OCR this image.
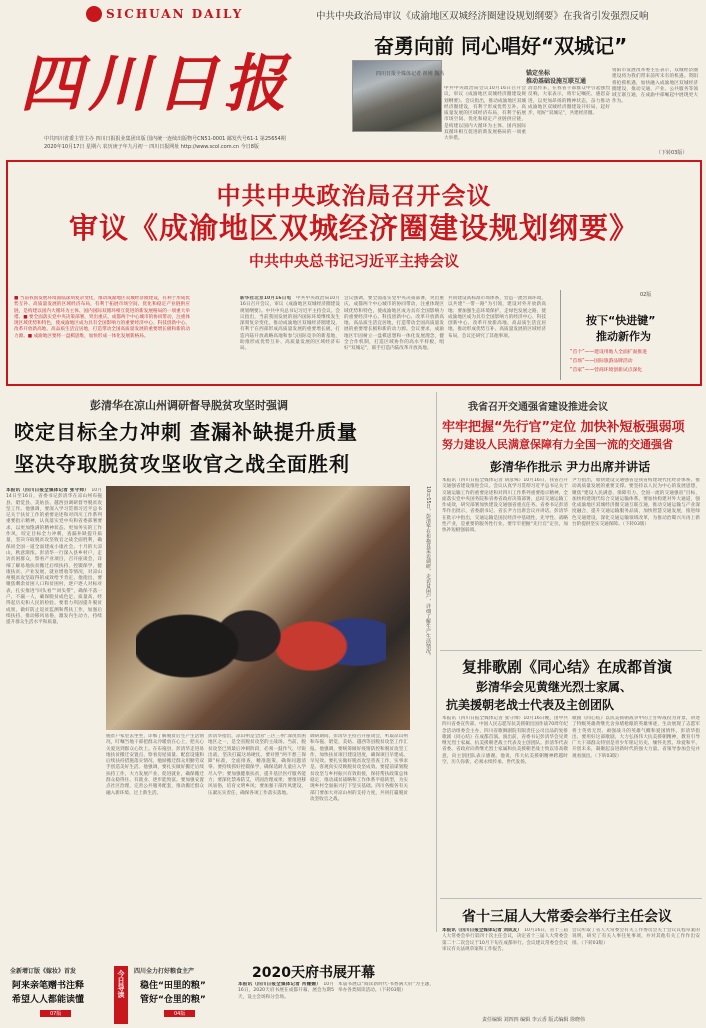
SICHUAN DAILY
四川日报
中共四川省委主管主办 四川日报报业集团出版 国内统一连续出版物号CN51-0001 邮发代号61-1 第25654期
2020年10月17日 星期六 农历庚子年九月初一 四川日报网址 http://www.scol.com.cn 今日8版
中共中央政治局审议《成渝地区双城经济圈建设规划纲要》在我省引发强烈反响
奋勇向前 同心唱好“双城记”
四川日报全媒体记者 祖刚 魏冯	锚定坐标
推动基础设施互联互通
中共中央政治局会议10月16日召开会议，审议《成渝地区双城经济圈建设规划纲要》。会议指出，推动成渝地区双城经济圈建设，有利于形成优势互补、高质量发展的区域经济布局，有利于拓展市场空间、优化和稳定产业链供应链，是构建以国内大循环为主体、国内国际双循环相互促进的新发展格局的一项重大举措。
消息传来，在我省干部群众中引起强烈反响。大家表示，将牢记嘱托、感恩奋进，以更加昂扬的精神状态，奋力推动成渝地区双城经济圈建设开好局、起好步，唱好“双城记”，共建经济圈。
资阳市发展改革委主任表示，双城经济圈建设将为我们带来前所未有的机遇。资阳将抢抓机遇，加快融入成渝地区双城经济圈建设，推动交通、产业、公共服务等领域互联互通，在成渝中部崛起中展现更大作为。
（下转03版）
中共中央政治局召开会议
审议《成渝地区双城经济圈建设规划纲要》
中共中央总书记习近平主持会议
■ 当前我国发展环境面临深刻复杂变化，推动成渝地区双城经济圈建设，有利于形成优势互补、高质量发展的区域经济布局，有利于拓展市场空间、优化和稳定产业链供应链，是构建以国内大循环为主体、国内国际双循环相互促进的新发展格局的一项重大举措。■ 要全面落实党中央决策部署，突出重庆、成都两个中心城市的协同带动，注重体现区域优势和特色，使成渝地区成为具有全国影响力的重要经济中心、科技创新中心、改革开放新高地、高品质生活宜居地，打造带动全国高质量发展的重要增长极和新的动力源。■ 成渝地区要将一盘棋思维，加快形成一体化发展新格局。
新华社北京10月16日电　中共中央政治局10月16日召开会议，审议《成渝地区双城经济圈建设规划纲要》。中共中央总书记习近平主持会议。会议指出，当前我国发展的国内国际环境继续发生深刻复杂变化，推动成渝地区双城经济圈建设，有利于在西部形成高质量发展的重要增长极，打造内陆开放战略高地和参与国际竞争的新基地，助推形成优势互补、高质量发展的区域经济布局。
会议强调，要全面落实党中央决策部署，突出重庆、成都两个中心城市的协同带动，注重体现区域优势和特色，使成渝地区成为具有全国影响力的重要经济中心、科技创新中心、改革开放新高地、高品质生活宜居地，打造带动全国高质量发展的重要增长极和新的动力源。会议要求，成渝地区牢固树立一盘棋思想和一体化发展理念，健全合作机制，打造区域协作的高水平样板，唱好“双城记”，联手打造内陆改革开放高地。
共同建设高标准市场体系，营造一流营商环境，以共建“一带一路”为引领，建设对外开放新高地；要加强生态环境保护，走绿色发展之路，使成渝地区成为具有全国影响力的经济中心、科技创新中心、改革开放新高地、高品质生活宜居地，推动形成优势互补、高质量发展的区域经济布局，会议还研究了其他事项。
02版
按下“快进键”
推动新作为
“首个”——建设用地人全面扩面推进
“首场”——国际旅游品牌活动
“首家”——营商环境创新试点深化
彭清华在凉山州调研督导脱贫攻坚时强调
咬定目标全力冲刺 查漏补缺提升质量
坚决夺取脱贫攻坚收官之战全面胜利
本报讯（四川日报全媒体记者 张守帅）　10月14日至16日，省委书记彭清华在凉山州布拖县、昭觉县、美姑县、越西县调研督导脱贫攻坚工作。他强调，要深入学习贯彻习近平总书记关于扶贫工作的重要论述和对四川工作系列重要指示精神，认真落实党中央和省委部署要求，以更加饱满的精神状态、更加务实的工作作风，咬定目标全力冲刺，查漏补缺提升质量，坚决夺取脱贫攻坚收官之战全面胜利，确保同全国一道全面建成小康社会。十月的大凉山，秋意渐浓。彭清华一行深入县乡村户，走访贫困群众，察看产业项目，召开座谈会，详细了解易地扶贫搬迁后续扶持、控辍保学、健康扶贫、产业发展、就业增收等情况，对凉山州脱贫攻坚取得的成效给予肯定。他指出，要聚焦剩余贫困人口和贫困村，逐户逐人对标对表，扎实推进“回头看”“回头帮”，确保不落一户、不漏一人，确保脱贫成色足、质量高，经得起历史和人民的检验。要着力巩固提升脱贫成果，做好防止返贫监测和帮扶工作，加强后续扶持，推动移风易俗，激发内生动力，持续提升群众生活水平和质量。	10月15日，彭清华在布拖县采访调研，走访贫困户，详细了解生产生活情况。
脱贫户家里去坐坐，详细了解脱贫后生产生活情况，叮嘱当地干部把群众冷暖放在心上，把关心关爱送到群众心坎上。在布拖县，彭清华走进易地扶贫搬迁安置点，察看房屋质量、配套设施和后续扶持措施落实情况，勉励搬迁群众用勤劳双手创造美好生活。他强调，要扎实做好搬迁后续扶持工作，大力发展产业、促进就业，确保搬迁群众稳得住、有就业、逐步能致富。要加强安置点社区治理，完善公共服务配套，推动搬迁群众融入新环境、过上新生活。
彭清华指出，凉山州是全国“三区三州”深度贫困地区之一，是全省脱贫攻坚的主战场。当前，脱贫攻坚已到最后冲刺阶段，必须一鼓作气、尽锐出战，坚决打赢这场硬仗。要对照“两不愁三保障”标准，全面排查，精准施策，确保问题清零。要持续抓好控辍保学，确保适龄儿童应入学尽入学；要加强健康扶贫，提升基层医疗服务能力；要深化禁毒防艾，巩固治理成果；要推进移风易俗，培育文明乡风；要加强干部作风建设，压紧压实责任，确保各项工作落实落地。
调研期间，彭清华主持召开座谈会，听取凉山州和布拖、昭觉、美姑、越西等县脱贫攻坚工作汇报。他强调，要统筹做好疫情防控和脱贫攻坚工作，加快扶贫项目建设进度，确保项目早建成、早见效。要扎实做好脱贫攻坚普查工作，实事求是、客观真实反映脱贫攻坚成效。要提前谋划脱贫攻坚与乡村振兴有效衔接，保持帮扶政策总体稳定，推动减贫战略和工作体系平稳转型，为实现乡村全面振兴打下坚实基础。四川各级各有关部门要加大对凉山州的支持力度，共同打赢脱贫攻坚收官之战。
我省召开交通强省建设推进会议
牢牢把握“先行官”定位 加快补短板强弱项
努力建设人民满意保障有力全国一流的交通强省
彭清华作批示 尹力出席并讲话
本报讯（四川日报全媒体记者 胡彦殊）10月16日，我省召开交通强省建设推进会议。会议认真学习贯彻习近平总书记关于交通运输工作的重要论述和对四川工作系列重要指示精神，全面落实党中央国务院和省委省政府决策部署，总结交通运输工作成效，研究部署加快建设交通强省重点任务。省委书记彭清华作出批示，省委副书记、省长尹力出席会议并讲话。彭清华在批示中指出，交通运输是国民经济中基础性、先导性、战略性产业，是重要的服务性行业。要牢牢把握“先行官”定位，加快补短板强弱项。
尹力指出，加快建设交通强省是我省构建现代化经济体系、推动高质量发展的重要支撑。要坚持以人民为中心的发展思想，聚焦“建设人民满意、保障有力、全国一流的交通强省”目标，加快构建现代综合交通运输体系。要加快构建对外大通道，强化成渝地区双城经济圈交通互联互通，推动交通运输与产业深度融合，提升交通运输服务品质，加快智慧交通发展，推进绿色交通建设，深化交通运输领域改革，为推动治蜀兴川再上新台阶提供坚实交通保障。（下转03版）
复排歌剧《同心结》在成都首演
彭清华会见黄继光烈士家属、
抗美援朝老战士代表及主创团队
本报讯（四川日报全媒体记者 张守帅）10月16日晚，由中共四川省委宣传部、中国人民志愿军抗美援朝出国作战70周年纪念活动组委会主办，四川省歌舞剧院有限责任公司出品的复排歌剧《同心结》在成都首演。演出前，省委书记彭清华会见黄继光烈士家属、抗美援朝老战士代表及主创团队。彭清华代表省委、省政府向黄继光烈士家属和抗美援朝老战士致以崇高敬意，向主创团队表示感谢。他说，伟大抗美援朝精神跨越时空、历久弥新，必须永续传承、世代发扬。
歌剧《同心结》以抗美援朝战争中的上甘岭战役为背景，讲述了特级英雄黄继光舍身堵枪眼的英雄事迹，生动展现了志愿军将士英勇无畏、顽强战斗的英雄气概和爱国情怀。彭清华指出，要用好这部歌剧，大力弘扬伟大抗美援朝精神，教育引导广大干部群众特别是青少年铭记历史、缅怀先烈、珍爱和平、开创未来，凝聚起奋进新时代的强大力量。省领导参加会见并观看演出。（下转03版）
省十三届人大常委会举行主任会议
本报讯（四川日报全媒体记者 刘成友）　10月16日，省十三届人大常委会举行第四十次主任会议，决定省十三届人大常委会第二十二次会议于10月下旬在成都举行。会议建议常委会会议审议有关法规草案和工作报告。
会议听取了省人大常委会有关工作委员会关于会议议程草案的说明，研究了有关人事任免事项，并对其他有关工作作出安排。（下转03版）
责任编辑 刘四四 编辑 李云香 版式编辑 徐晓伟
2020天府书展开幕
本报讯（四川日报全媒体记者 肖姗姗）　10月16日，2020天府书展在成都开幕，展会为期5天，设主会场和分会场。
本届书展以“阅读新时代·书香满天府”为主题，举办各类阅读活动。（下转03版）
全新增订版《嫁妆》首发
阿来亲笔赠书注释
希望人人都能读懂
07版
今日导读 四川全力打好粮食主产
稳住“田里的粮”
管好“仓里的粮”
04版
